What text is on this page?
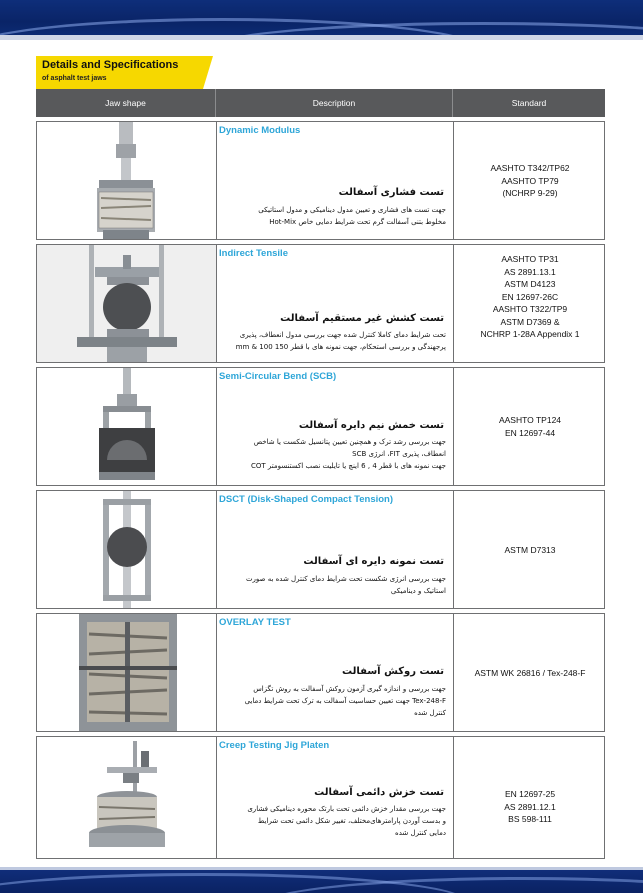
Details and Specifications
of asphalt test jaws
Jaw shape	Description	Standard
Dynamic Modulus
تست فشاری آسفالت
جهت تست های فشاری و تعیین مدول دینامیکی و مدول استاتیکی
مخلوط بتنی آسفالت گرم تحت شرایط دمایی خاص Hot-Mix
AASHTO T342/TP62
AASHTO TP79
(NCHRP 9-29)
Indirect Tensile
تست کشش غیر مستقیم آسفالت
تحت شرایط دمای کاملا کنترل شده جهت بررسی مدول انعطاف، پذیری
پرجهندگی و بررسی استحکام، جهت نمونه های با قطر 150 mm & 100
AASHTO TP31
AS 2891.13.1
ASTM D4123
EN 12697-26C
AASHTO T322/TP9
ASTM D7369 &
NCHRP 1-28A Appendix 1
Semi-Circular Bend (SCB)
تست خمش نیم دایره آسفالت
جهت بررسی رشد ترک و همچنین تعیین پتانسیل شکست یا شاخص
انعطاف، پذیری FIT، انرژی SCB
جهت نمونه های با قطر 4 , 6 اینچ یا تایلیت نصب اکستنسومتر COT
AASHTO TP124
EN 12697-44
DSCT (Disk-Shaped Compact Tension)
تست نمونه دایره ای آسفالت
جهت بررسی انرژی شکست تحت شرایط دمای کنترل شده به صورت
استاتیک و دینامیکی
ASTM D7313
OVERLAY TEST
تست روکش آسفالت
جهت بررسی و اندازه گیری آزمون روکش آسفالت به روش تگزاس
Tex-248-F جهت تعیین حساسیت آسفالت به ترک تحت شرایط دمایی
کنترل شده
ASTM WK 26816 / Tex-248-F
Creep Testing Jig Platen
تست خزش دائمی آسفالت
جهت بررسی مقدار خزش دائمی تحت بارتک محوره دینامیکی فشاری
و بدست آوردن پارامترهای‌مختلف، تغییر شکل دائمی تحت شرایط
دمایی کنترل شده
EN 12697-25
AS 2891.12.1
BS 598-111
